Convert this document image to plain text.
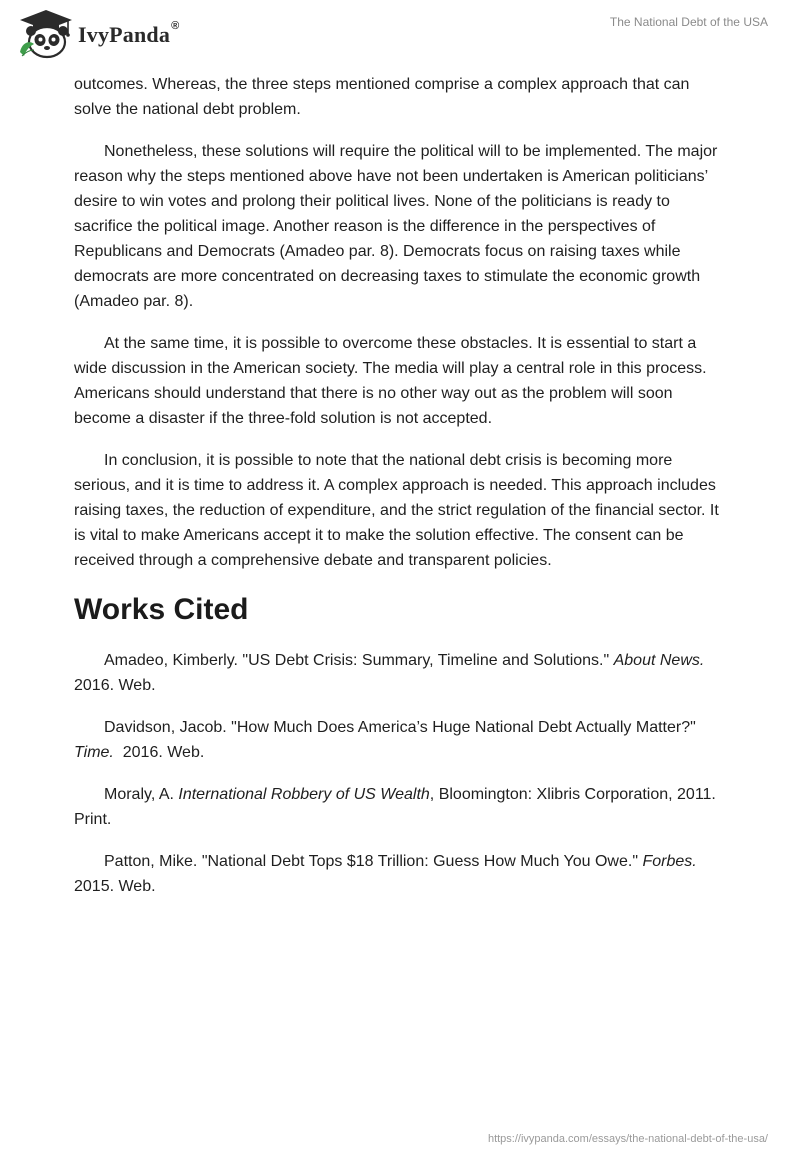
IvyPanda®	The National Debt of the USA

outcomes. Whereas, the three steps mentioned comprise a complex approach that can solve the national debt problem.

Nonetheless, these solutions will require the political will to be implemented. The major reason why the steps mentioned above have not been undertaken is American politicians’ desire to win votes and prolong their political lives. None of the politicians is ready to sacrifice the political image. Another reason is the difference in the perspectives of Republicans and Democrats (Amadeo par. 8). Democrats focus on raising taxes while democrats are more concentrated on decreasing taxes to stimulate the economic growth (Amadeo par. 8).

At the same time, it is possible to overcome these obstacles. It is essential to start a wide discussion in the American society. The media will play a central role in this process. Americans should understand that there is no other way out as the problem will soon become a disaster if the three-fold solution is not accepted.

In conclusion, it is possible to note that the national debt crisis is becoming more serious, and it is time to address it. A complex approach is needed. This approach includes raising taxes, the reduction of expenditure, and the strict regulation of the financial sector. It is vital to make Americans accept it to make the solution effective. The consent can be received through a comprehensive debate and transparent policies.

Works Cited

Amadeo, Kimberly. "US Debt Crisis: Summary, Timeline and Solutions." About News. 2016. Web.

Davidson, Jacob. "How Much Does America’s Huge National Debt Actually Matter?" Time.  2016. Web.

Moraly, A. International Robbery of US Wealth, Bloomington: Xlibris Corporation, 2011. Print.

Patton, Mike. "National Debt Tops $18 Trillion: Guess How Much You Owe." Forbes. 2015. Web.

https://ivypanda.com/essays/the-national-debt-of-the-usa/
